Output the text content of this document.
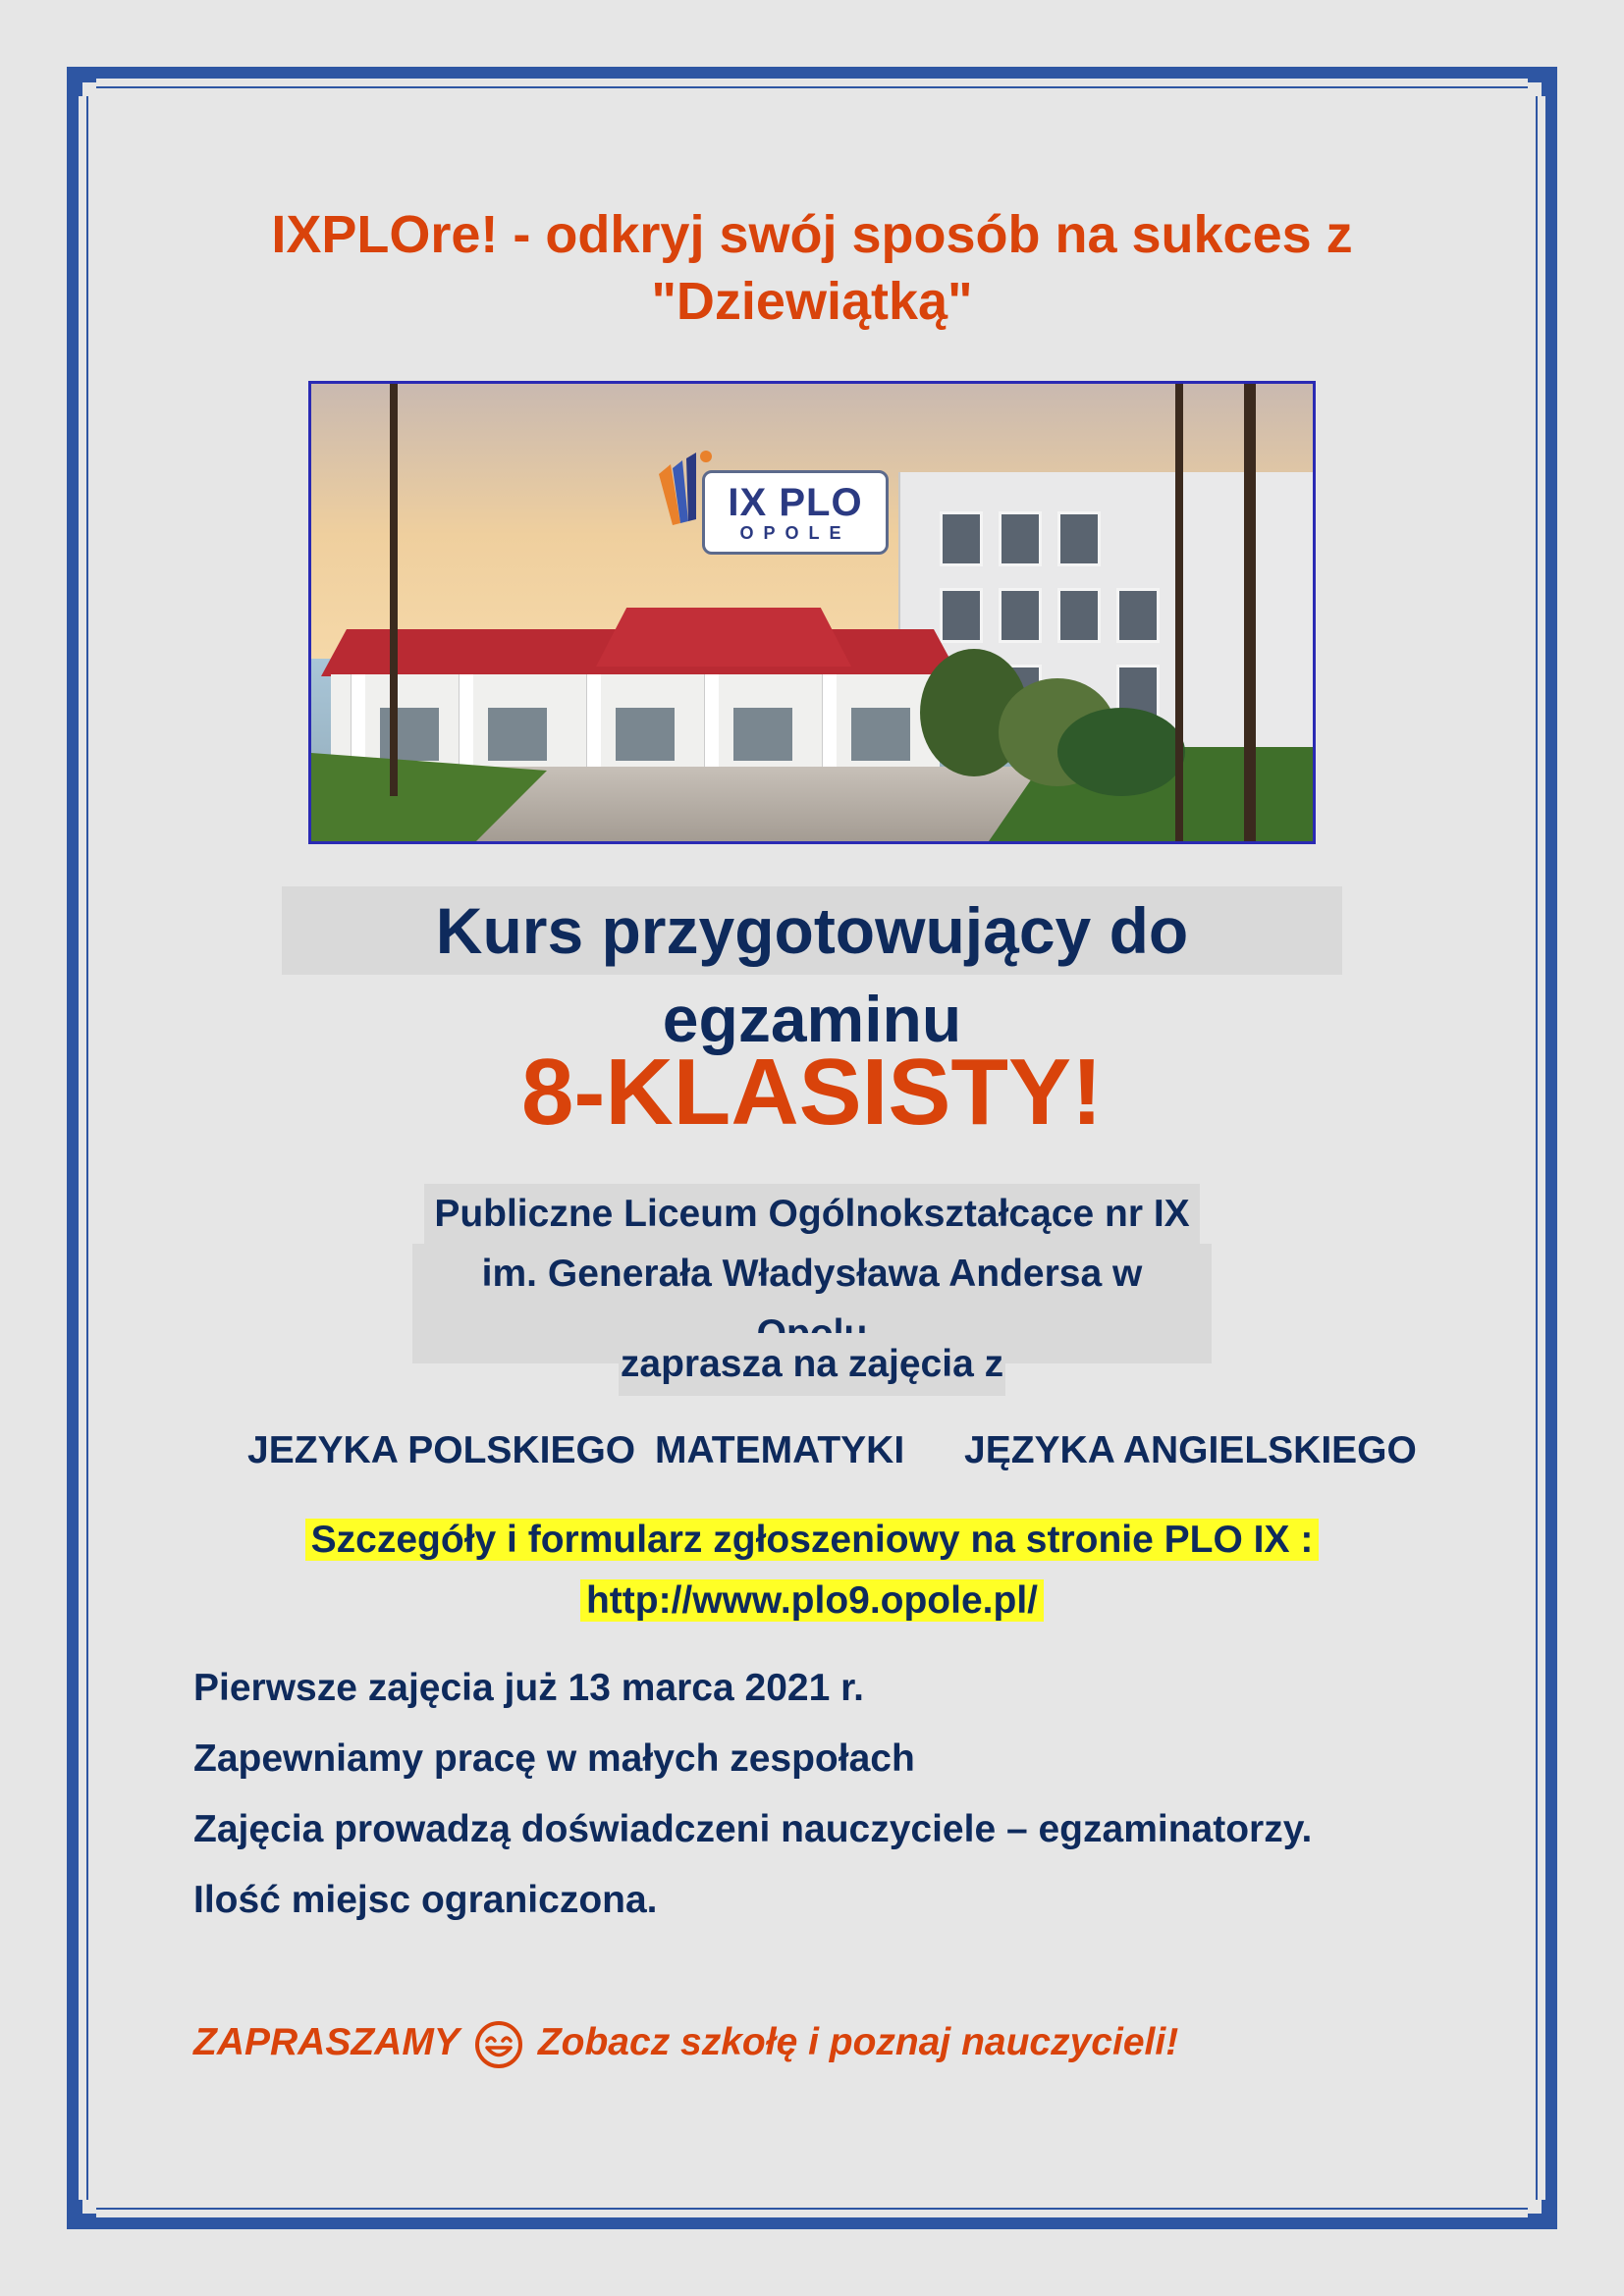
IXPLOre! - odkryj swój sposób na sukces z
"Dziewiątką"
IX PLO
OPOLE
Kurs przygotowujący do egzaminu
8-KLASISTY!
Publiczne Liceum Ogólnokształcące nr IX
im. Generała Władysława Andersa w
zaprasza na zajęcia z
JEZYKA POLSKIEGO MATEMATYKI JĘZYKA ANGIELSKIEGO
Szczegóły i formularz zgłoszeniowy na stronie PLO IX :
http://www.plo9.opole.pl/
Pierwsze zajęcia już 13 marca 2021 r.
Zapewniamy pracę w małych zespołach
Zajęcia prowadzą doświadczeni nauczyciele – egzaminatorzy.
Ilość miejsc ograniczona.
ZAPRASZAMY Zobacz szkołę i poznaj nauczycieli!
